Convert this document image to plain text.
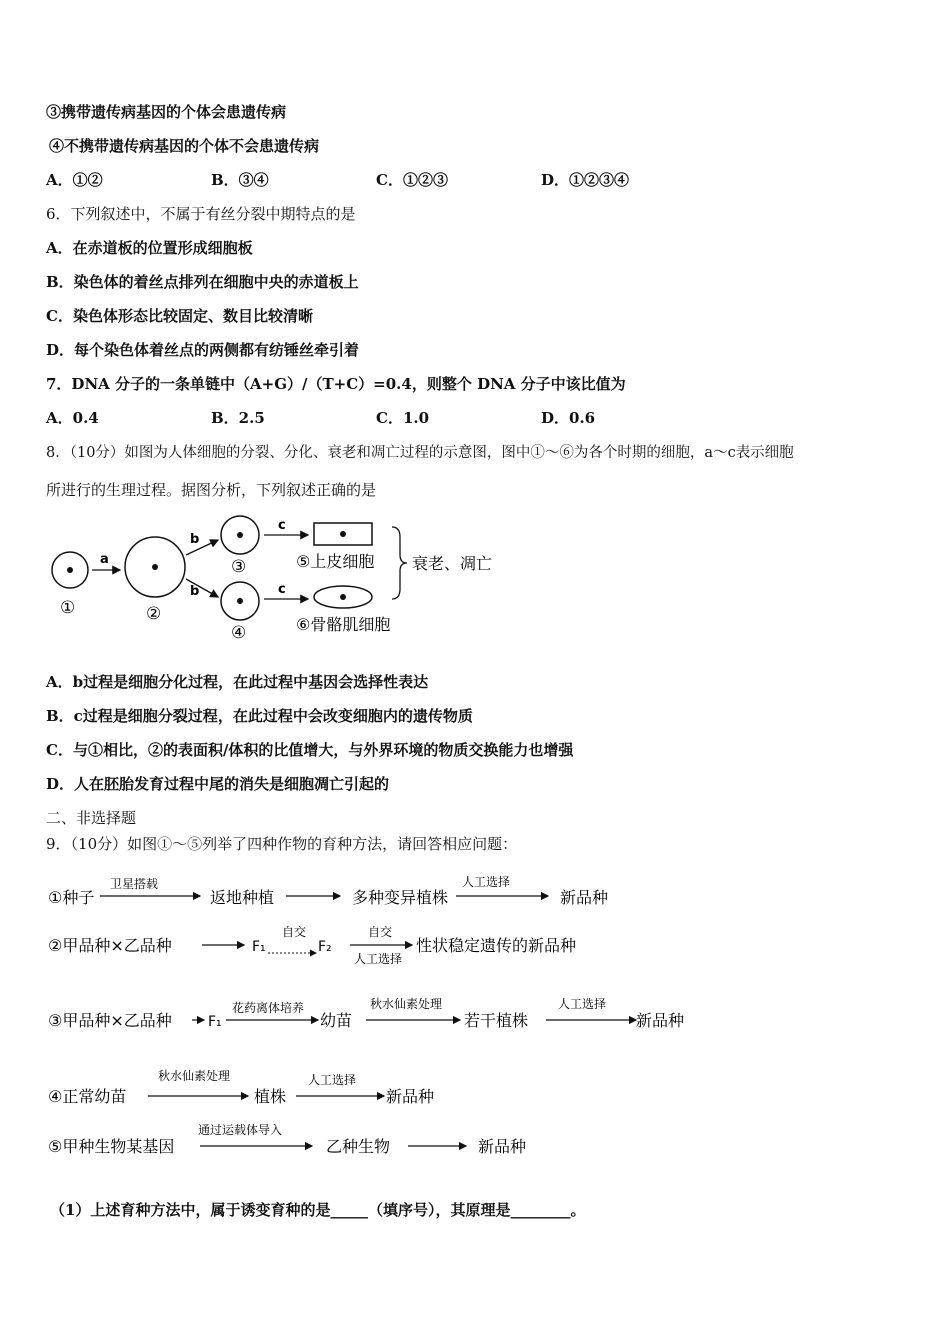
③携带遗传病基因的个体会患遗传病
④不携带遗传病基因的个体不会患遗传病
A．①②	B．③④	C．①②③	D．①②③④
6．下列叙述中，不属于有丝分裂中期特点的是
A．在赤道板的位置形成细胞板
B．染色体的着丝点排列在细胞中央的赤道板上
C．染色体形态比较固定、数目比较清晰
D．每个染色体着丝点的两侧都有纺锤丝牵引着
7．DNA 分子的一条单链中（A+G）/（T+C）=0.4，则整个 DNA 分子中该比值为
A．0.4	B．2.5	C．1.0	D．0.6
8．（10分）如图为人体细胞的分裂、分化、衰老和凋亡过程的示意图，图中①～⑥为各个时期的细胞，a～c表示细胞
所进行的生理过程。据图分析，下列叙述正确的是
①
a
②
b
b
③
④
c
c
⑤上皮细胞
⑥骨骼肌细胞
衰老、凋亡
A．b过程是细胞分化过程，在此过程中基因会选择性表达
B．c过程是细胞分裂过程，在此过程中会改变细胞内的遗传物质
C．与①相比，②的表面积/体积的比值增大，与外界环境的物质交换能力也增强
D．人在胚胎发育过程中尾的消失是细胞凋亡引起的
二、非选择题
9．（10分）如图①～⑤列举了四种作物的育种方法，请回答相应问题：
①种子
卫星搭载
返地种植	多种变异植株
人工选择
新品种
②甲品种×乙品种	F₁
自交
F₂
自交
人工选择
性状稳定遗传的新品种
③甲品种×乙品种	F₁
花药离体培养
幼苗
秋水仙素处理
若干植株
人工选择
新品种
④正常幼苗
秋水仙素处理
植株
人工选择
新品种
⑤甲种生物某基因
通过运载体导入
乙种生物	新品种
（1）上述育种方法中，属于诱变育种的是_____（填序号），其原理是________。
